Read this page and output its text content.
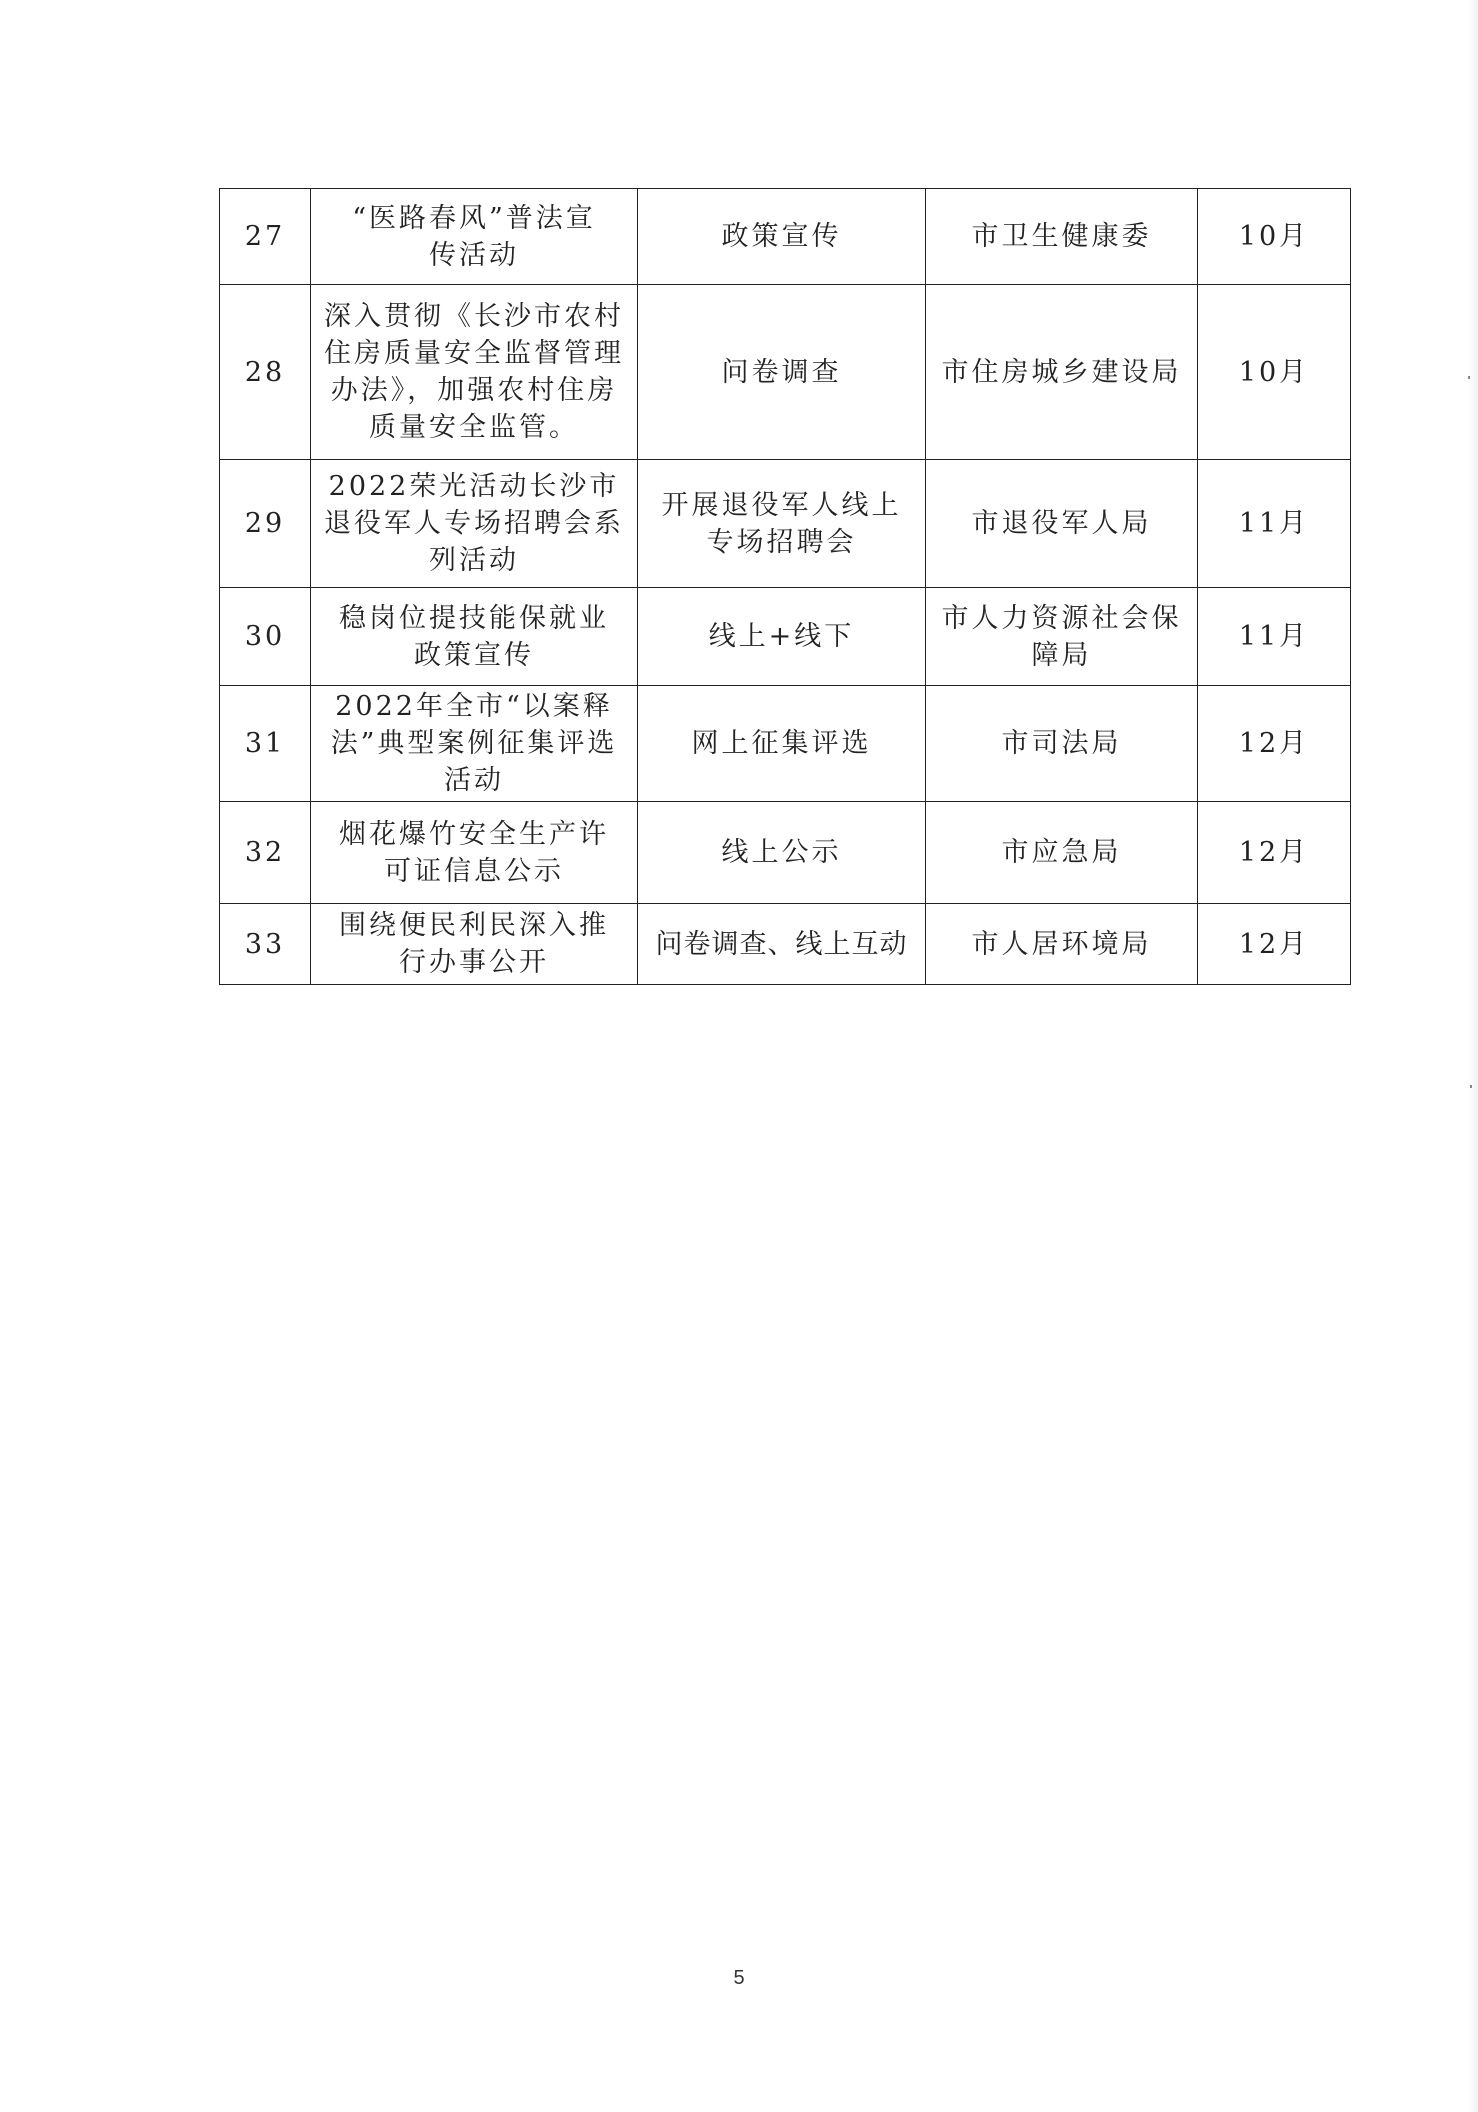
27	“医路春风”普法宣传活动	政策宣传	市卫生健康委	10月
28	深入贯彻《长沙市农村住房质量安全监督管理办法》，加强农村住房质量安全监管。	问卷调查	市住房城乡建设局	10月
29	2022荣光活动长沙市退役军人专场招聘会系列活动	开展退役军人线上专场招聘会	市退役军人局	11月
30	稳岗位提技能保就业政策宣传	线上+线下	市人力资源社会保障局	11月
31	2022年全市“以案释法”典型案例征集评选活动	网上征集评选	市司法局	12月
32	烟花爆竹安全生产许可证信息公示	线上公示	市应急局	12月
33	围绕便民利民深入推行办事公开	问卷调查、线上互动	市人居环境局	12月
5
